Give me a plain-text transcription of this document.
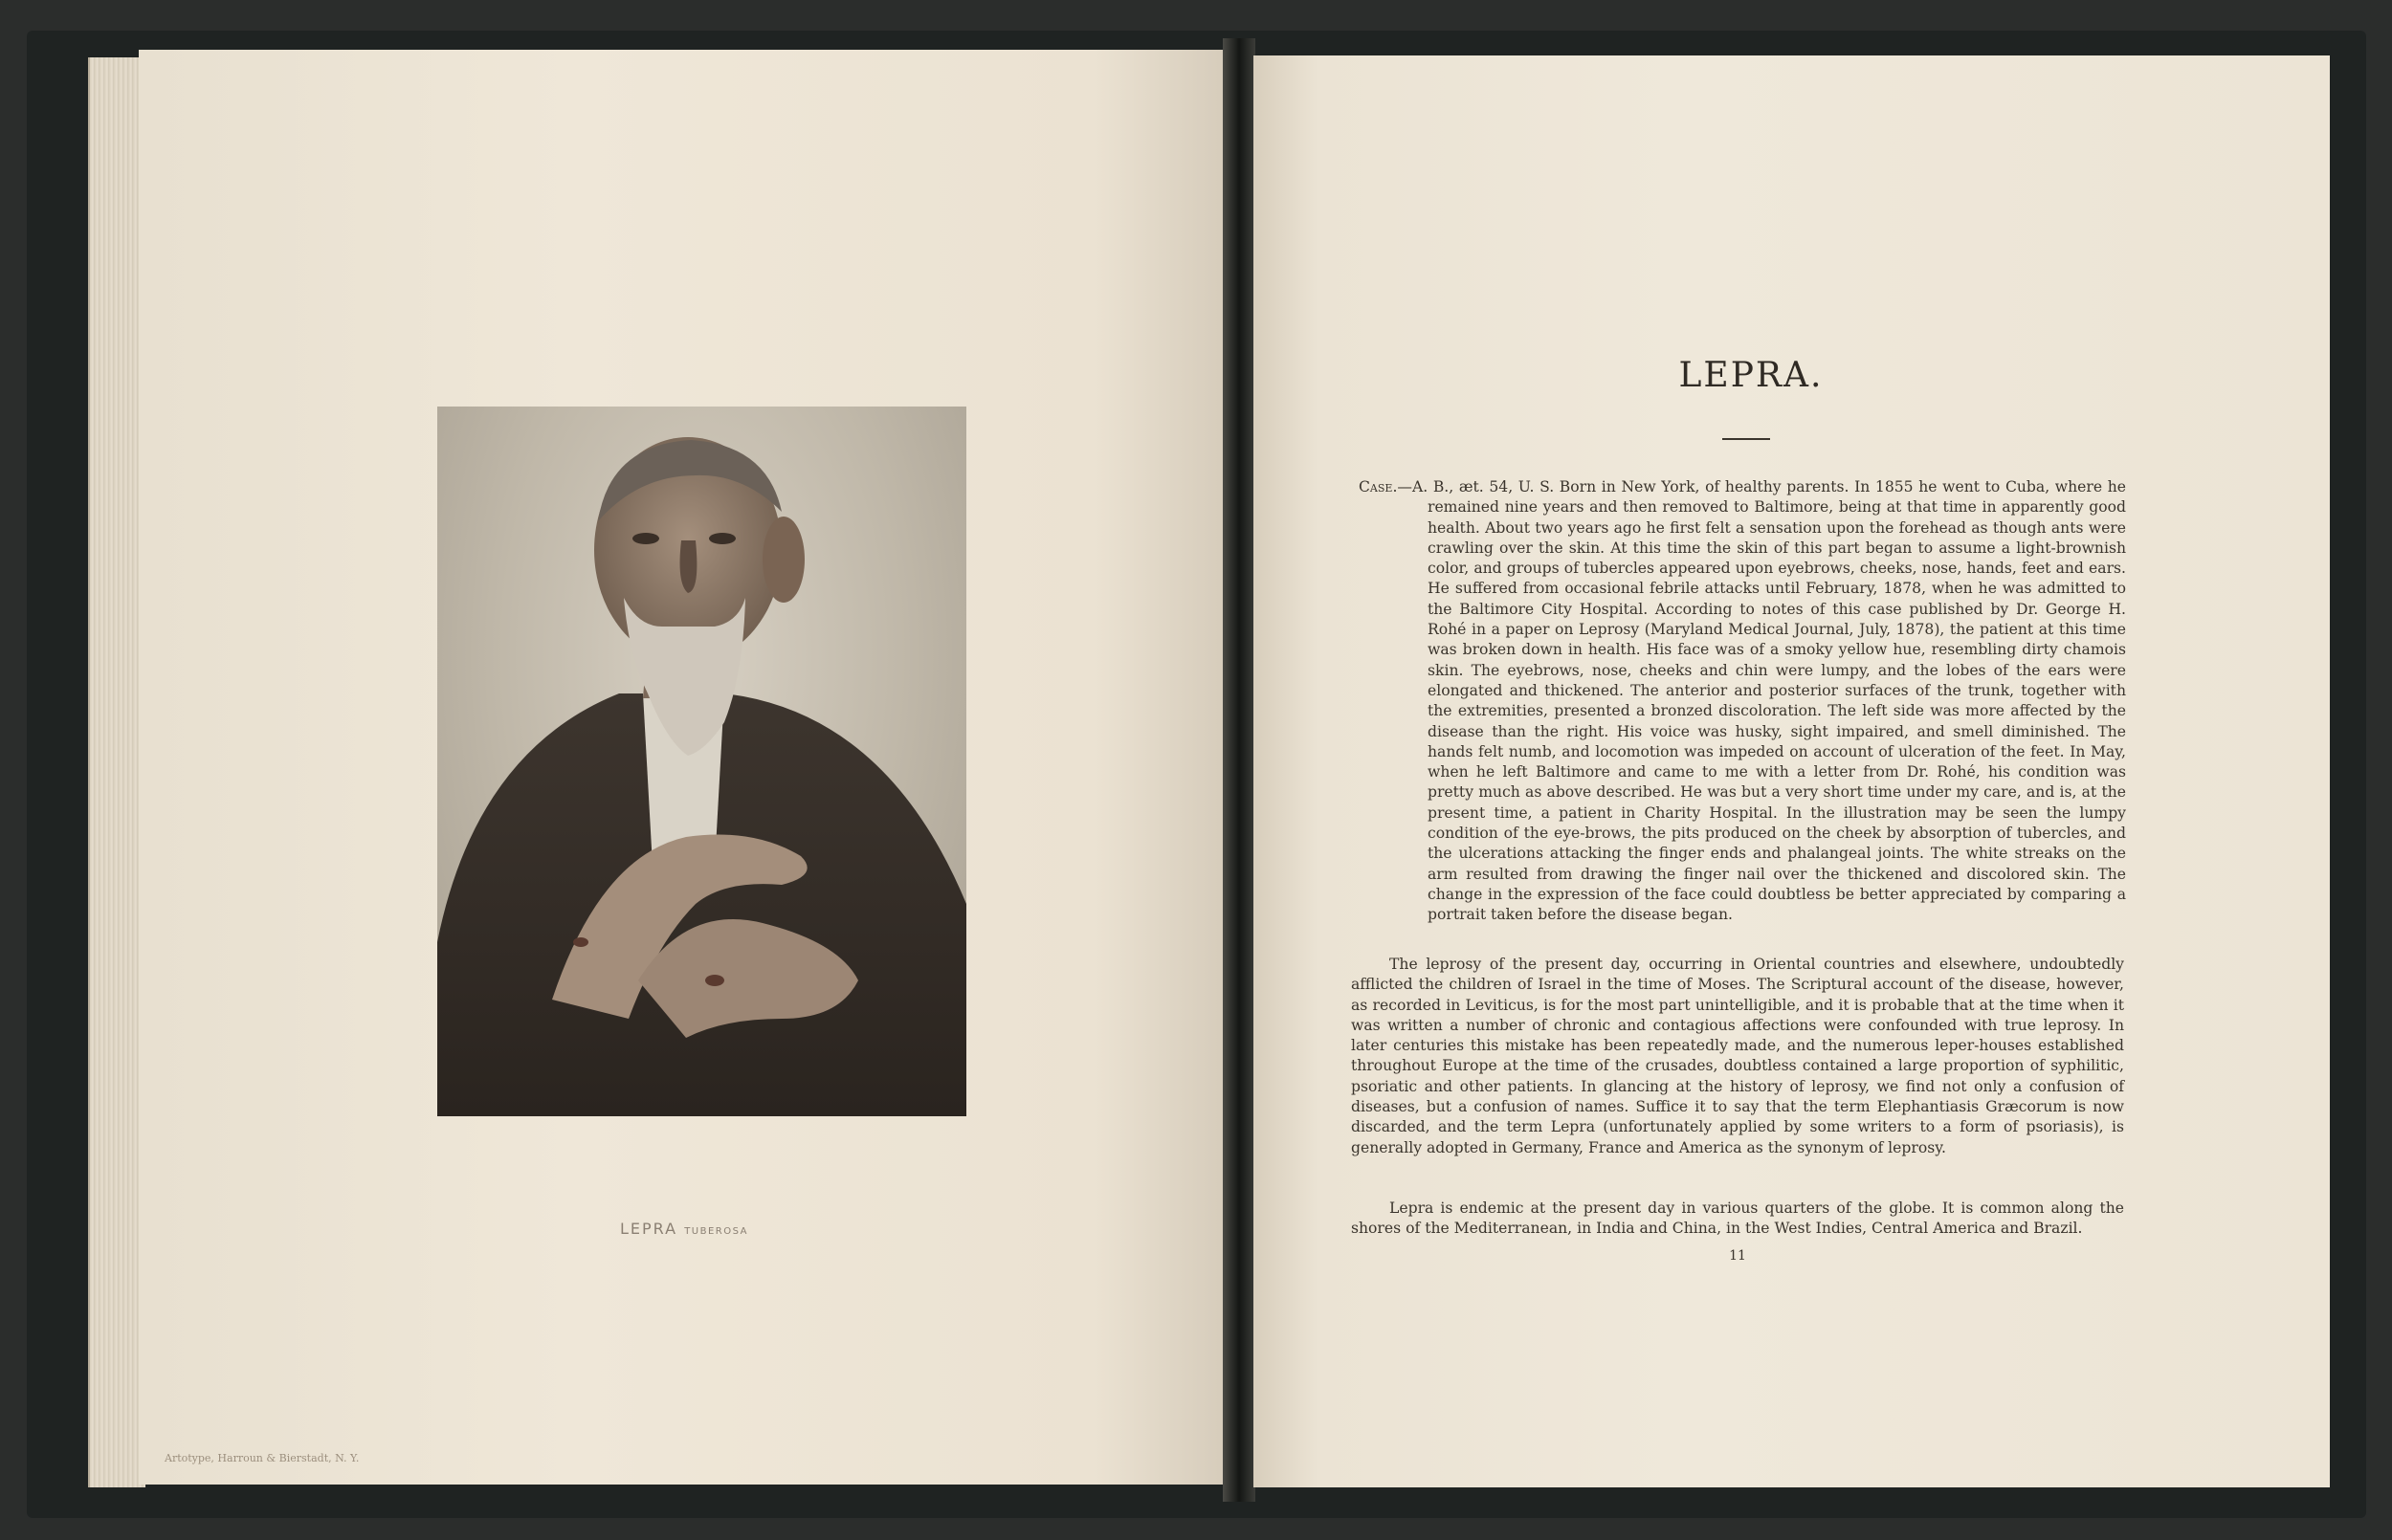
LEPRA TUBEROSA
Artotype, Harroun & Bierstadt, N. Y.
LEPRA.

Case.—A. B., æt. 54, U. S. Born in New York, of healthy parents. In 1855 he went to Cuba, where he remained nine years and then removed to Baltimore, being at that time in apparently good health. About two years ago he first felt a sensation upon the forehead as though ants were crawling over the skin. At this time the skin of this part began to assume a light-brownish color, and groups of tubercles appeared upon eyebrows, cheeks, nose, hands, feet and ears. He suffered from occasional febrile attacks until February, 1878, when he was admitted to the Baltimore City Hospital. According to notes of this case published by Dr. George H. Rohé in a paper on Leprosy (Maryland Medical Journal, July, 1878), the patient at this time was broken down in health. His face was of a smoky yellow hue, resembling dirty chamois skin. The eyebrows, nose, cheeks and chin were lumpy, and the lobes of the ears were elongated and thickened. The anterior and posterior surfaces of the trunk, together with the extremities, presented a bronzed discoloration. The left side was more affected by the disease than the right. His voice was husky, sight impaired, and smell diminished. The hands felt numb, and locomotion was impeded on account of ulceration of the feet. In May, when he left Baltimore and came to me with a letter from Dr. Rohé, his condition was pretty much as above described. He was but a very short time under my care, and is, at the present time, a patient in Charity Hospital. In the illustration may be seen the lumpy condition of the eye-brows, the pits produced on the cheek by absorption of tubercles, and the ulcerations attacking the finger ends and phalangeal joints. The white streaks on the arm resulted from drawing the finger nail over the thickened and discolored skin. The change in the expression of the face could doubtless be better appreciated by comparing a portrait taken before the disease began.

The leprosy of the present day, occurring in Oriental countries and elsewhere, undoubtedly afflicted the children of Israel in the time of Moses. The Scriptural account of the disease, however, as recorded in Leviticus, is for the most part unintelligible, and it is probable that at the time when it was written a number of chronic and contagious affections were confounded with true leprosy. In later centuries this mistake has been repeatedly made, and the numerous leper-houses established throughout Europe at the time of the crusades, doubtless contained a large proportion of syphilitic, psoriatic and other patients. In glancing at the history of leprosy, we find not only a confusion of diseases, but a confusion of names. Suffice it to say that the term Elephantiasis Græcorum is now discarded, and the term Lepra (unfortunately applied by some writers to a form of psoriasis), is generally adopted in Germany, France and America as the synonym of leprosy.

Lepra is endemic at the present day in various quarters of the globe. It is common along the shores of the Mediterranean, in India and China, in the West Indies, Central America and Brazil.

11
